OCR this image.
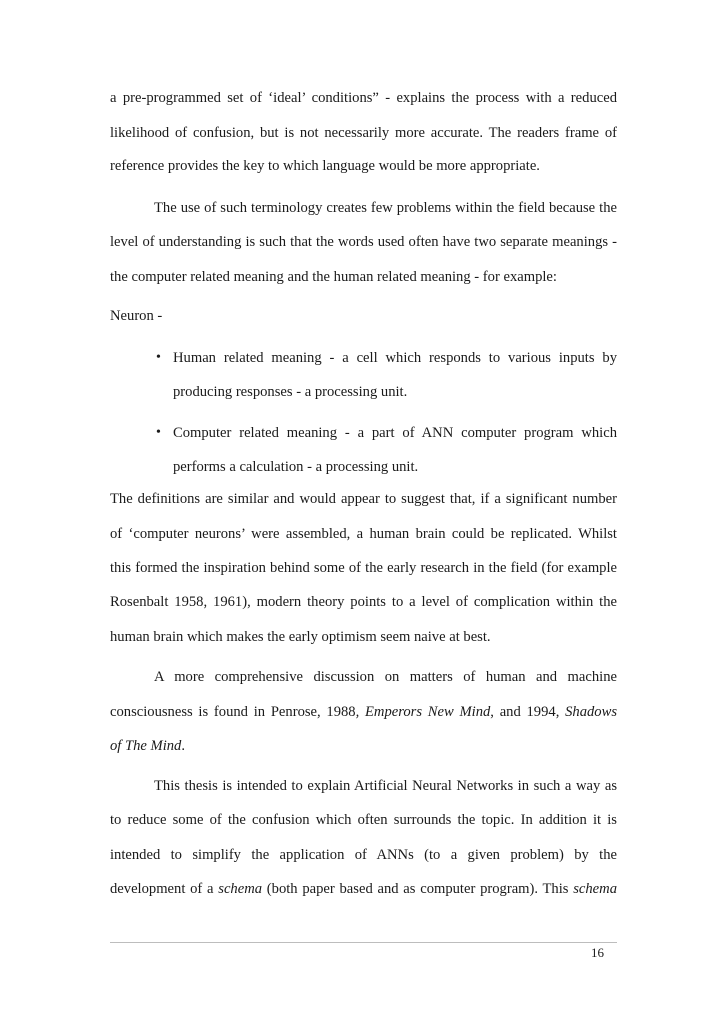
a pre-programmed set of ‘ideal’ conditions” - explains the process with a reduced
likelihood of confusion, but is not necessarily more accurate. The readers frame of
reference provides the key to which language would be more appropriate.
The use of such terminology creates few problems within the field because the
level of understanding is such that the words used often have two separate meanings -
the computer related meaning and the human related meaning - for example:
Neuron -
• Human related meaning - a cell which responds to various inputs by
producing responses - a processing unit.
• Computer related meaning - a part of ANN computer program which
performs a calculation - a processing unit.
The definitions are similar and would appear to suggest that, if a significant number
of ‘computer neurons’ were assembled, a human brain could be replicated. Whilst
this formed the inspiration behind some of the early research in the field (for example
Rosenbalt 1958, 1961), modern theory points to a level of complication within the
human brain which makes the early optimism seem naive at best.
A more comprehensive discussion on matters of human and machine
consciousness is found in Penrose, 1988, Emperors New Mind, and 1994, Shadows
of The Mind.
This thesis is intended to explain Artificial Neural Networks in such a way as
to reduce some of the confusion which often surrounds the topic. In addition it is
intended to simplify the application of ANNs (to a given problem) by the
development of a schema (both paper based and as computer program). This schema
16
